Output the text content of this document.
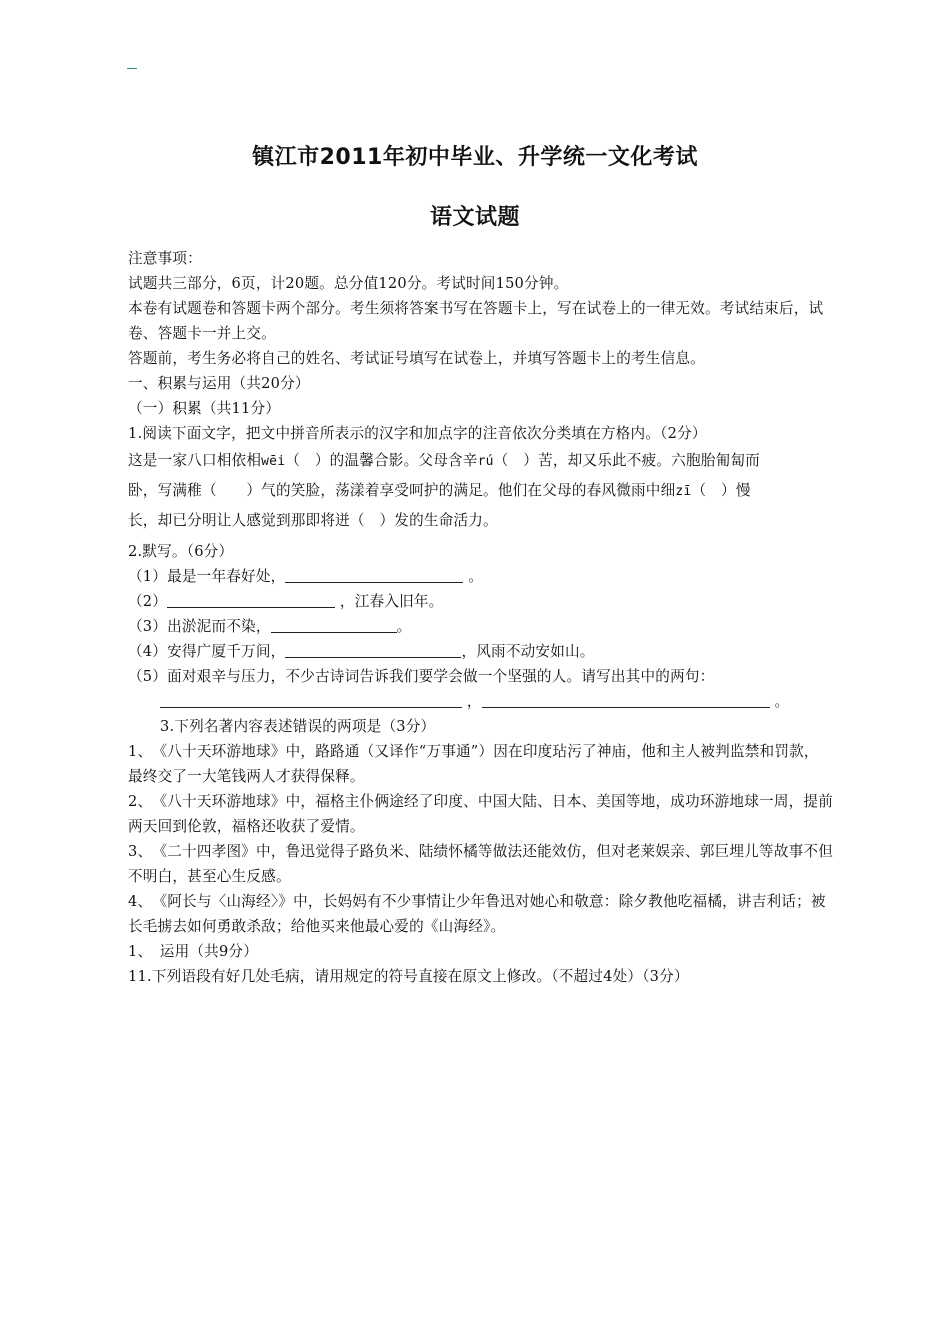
镇江市2011年初中毕业、升学统一文化考试
语文试题

注意事项：

试题共三部分，6页，计20题。总分值120分。考试时间150分钟。

本卷有试题卷和答题卡两个部分。考生须将答案书写在答题卡上，写在试卷上的一律无效。考试结束后，试卷、答题卡一并上交。

答题前，考生务必将自己的姓名、考试证号填写在试卷上，并填写答题卡上的考生信息。

一、积累与运用（共20分）

（一）积累（共11分）

1.阅读下面文字，把文中拼音所表示的汉字和加点字的注音依次分类填在方格内。（2分）

这是一家八口相依相wēi（　）的温馨合影。父母含辛rú（　）苦，却又乐此不疲。六胞胎匍匐而

卧，写满稚（　　）气的笑脸，荡漾着享受呵护的满足。他们在父母的春风微雨中细zī（　）慢

长，却已分明让人感觉到那即将迸（　）发的生命活力。

2.默写。（6分）

（1）最是一年春好处，	。

（2）	，江春入旧年。

（3）出淤泥而不染，	。

（4）安得广厦千万间，	，风雨不动安如山。

（5）面对艰辛与压力，不少古诗词告诉我们要学会做一个坚强的人。请写出其中的两句：

，	。

3.下列名著内容表述错误的两项是（3分）

1、　《八十天环游地球》中，路路通（又译作“万事通”）因在印度玷污了神庙，他和主人被判监禁和罚款，最终交了一大笔钱两人才获得保释。

2、　《八十天环游地球》中，福格主仆俩途经了印度、中国大陆、日本、美国等地，成功环游地球一周，提前两天回到伦敦，福格还收获了爱情。

3、　《二十四孝图》中，鲁迅觉得子路负米、陆绩怀橘等做法还能效仿，但对老莱娱亲、郭巨埋儿等故事不但不明白，甚至心生反感。

4、　《阿长与〈山海经〉》中，长妈妈有不少事情让少年鲁迅对她心和敬意：除夕教他吃福橘，讲吉利话；被长毛掳去如何勇敢杀敌；给他买来他最心爱的《山海经》。

1、　运用（共9分）

11.下列语段有好几处毛病，请用规定的符号直接在原文上修改。（不超过4处）（3分）
